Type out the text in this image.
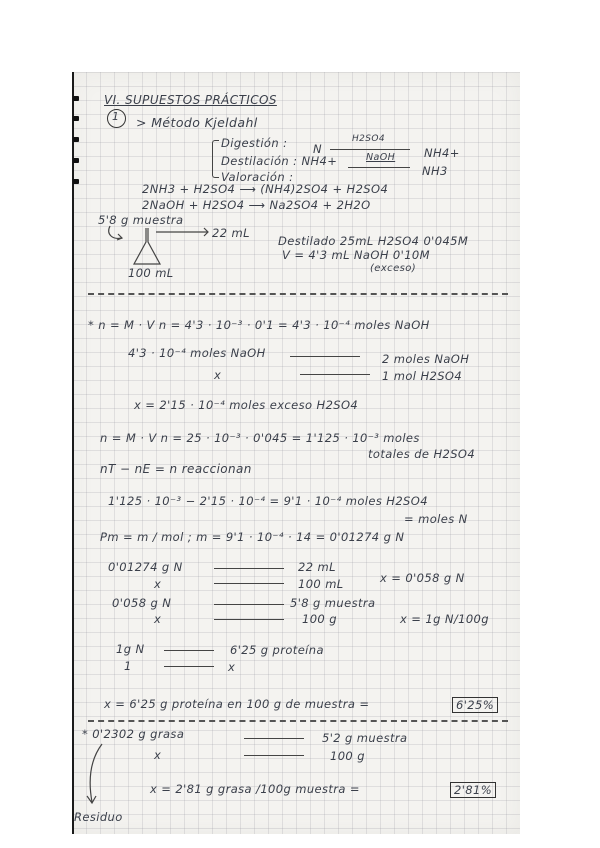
VI. SUPUESTOS PRÁCTICOS
1 > Método Kjeldahl
Digestión : N
H2SO4
NH4+
Destilación : NH4+	NaOH
NH3
Valoración :
2NH3 + H2SO4 ⟶ (NH4)2SO4 + H2SO4
2NaOH + H2SO4 ⟶ Na2SO4 + 2H2O
5'8 g muestra
22 mL
100 mL
Destilado 25mL H2SO4 0'045M
V = 4'3 mL NaOH 0'10M
(exceso)
* n = M · V n = 4'3 · 10⁻³ · 0'1 = 4'3 · 10⁻⁴ moles NaOH
4'3 · 10⁻⁴ moles NaOH	2 moles NaOH
x	1 mol H2SO4
x = 2'15 · 10⁻⁴ moles exceso H2SO4
n = M · V n = 25 · 10⁻³ · 0'045 = 1'125 · 10⁻³ moles
totales de H2SO4
nT − nE = n reaccionan
1'125 · 10⁻³ − 2'15 · 10⁻⁴ = 9'1 · 10⁻⁴ moles H2SO4
= moles N
Pm = m / mol ; m = 9'1 · 10⁻⁴ · 14 = 0'01274 g N
0'01274 g N	22 mL
x	100 mL	x = 0'058 g N
0'058 g N	5'8 g muestra
x	100 g	x = 1g N/100g
1g N	6'25 g proteína
1	x
x = 6'25 g proteína en 100 g de muestra =	6'25%
* 0'2302 g grasa	5'2 g muestra
x	100 g
x = 2'81 g grasa /100g muestra =	2'81%
Residuo
